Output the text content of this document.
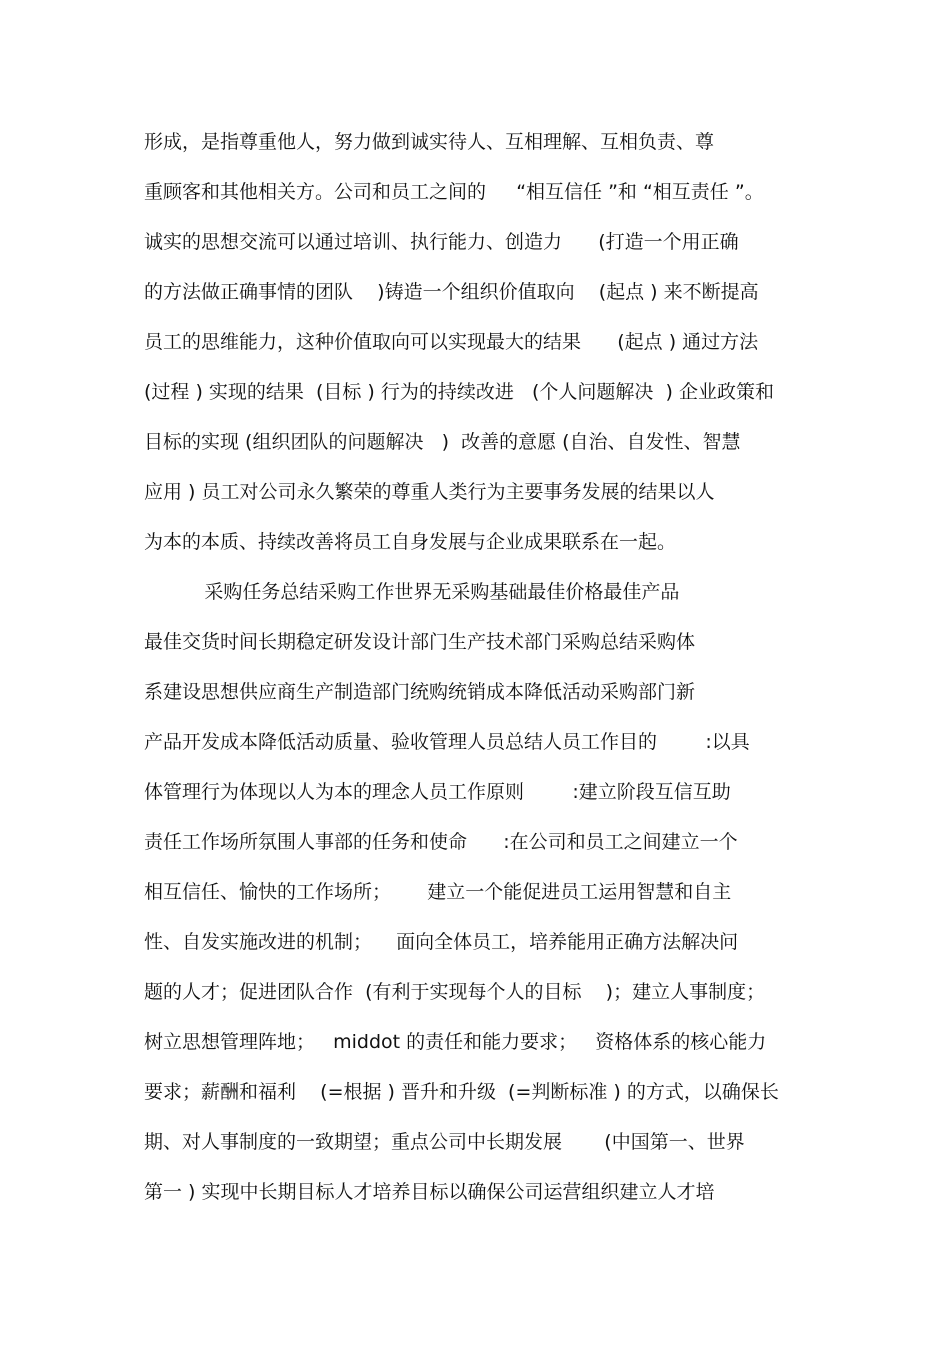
形成，是指尊重他人，努力做到诚实待人、互相理解、互相负责、尊

重顾客和其他相关方。公司和员工之间的     “相互信任 ”和 “相互责任 ”。

诚实的思想交流可以通过培训、执行能力、创造力      (打造一个用正确

的方法做正确事情的团队    )铸造一个组织价值取向    (起点 ) 来不断提高

员工的思维能力，这种价值取向可以实现最大的结果      (起点 ) 通过方法

(过程 ) 实现的结果  (目标 ) 行为的持续改进   (个人问题解决  ) 企业政策和

目标的实现 (组织团队的问题解决   )  改善的意愿 (自治、自发性、智慧

应用 ) 员工对公司永久繁荣的尊重人类行为主要事务发展的结果以人

为本的本质、持续改善将员工自身发展与企业成果联系在一起。

采购任务总结采购工作世界无采购基础最佳价格最佳产品

最佳交货时间长期稳定研发设计部门生产技术部门采购总结采购体

系建设思想供应商生产制造部门统购统销成本降低活动采购部门新

产品开发成本降低活动质量、验收管理人员总结人员工作目的        :以具

体管理行为体现以人为本的理念人员工作原则        :建立阶段互信互助

责任工作场所氛围人事部的任务和使命      :在公司和员工之间建立一个

相互信任、愉快的工作场所；      建立一个能促进员工运用智慧和自主

性、自发实施改进的机制；    面向全体员工，培养能用正确方法解决问

题的人才；促进团队合作  (有利于实现每个人的目标    )；建立人事制度；

树立思想管理阵地；   middot 的责任和能力要求；   资格体系的核心能力

要求；薪酬和福利    (=根据 ) 晋升和升级  (=判断标准 ) 的方式，以确保长

期、对人事制度的一致期望；重点公司中长期发展       (中国第一、世界

第一 ) 实现中长期目标人才培养目标以确保公司运营组织建立人才培
